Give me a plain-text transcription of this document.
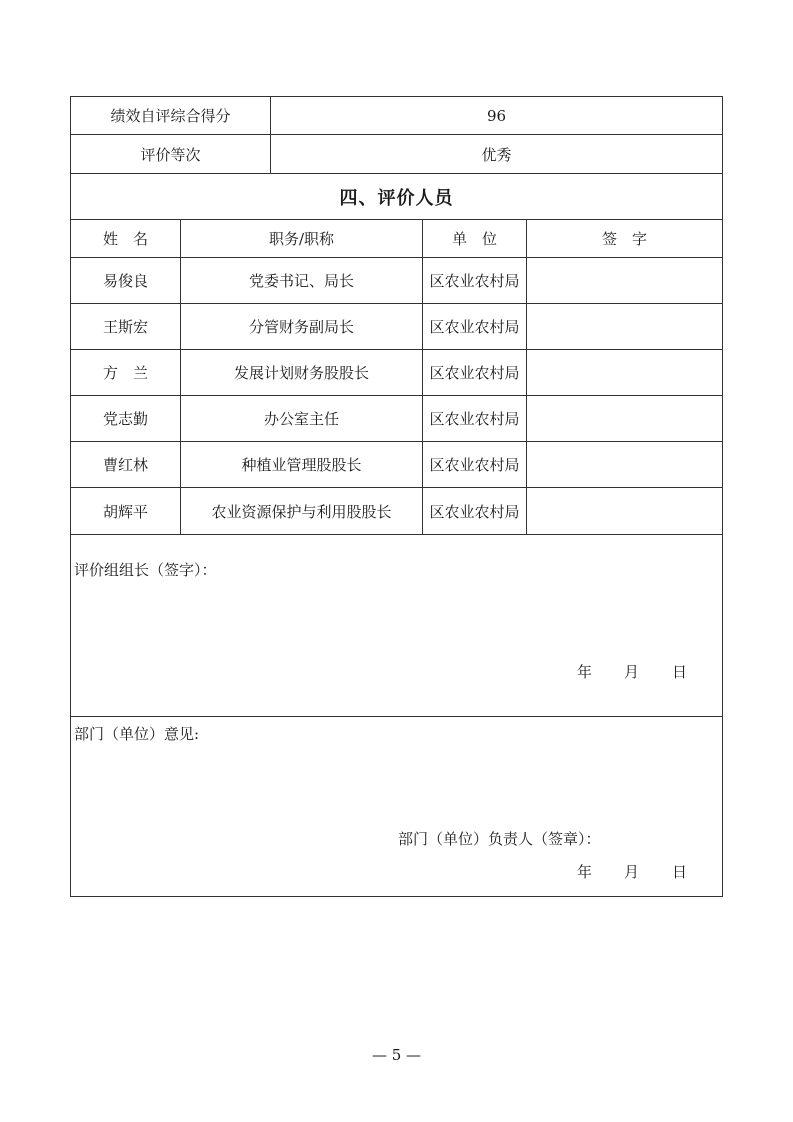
绩效自评综合得分	96
评价等次	优秀
四、评价人员
姓　名	职务/职称	单　位	签　字
易俊良	党委书记、局长	区农业农村局
王斯宏	分管财务副局长	区农业农村局
方　兰	发展计划财务股股长	区农业农村局
党志勤	办公室主任	区农业农村局
曹红林	种植业管理股股长	区农业农村局
胡辉平	农业资源保护与利用股股长	区农业农村局
评价组组长（签字）：
年 月 日
部门（单位）意见:
部门（单位）负责人（签章）：
年 月 日
— 5 —
